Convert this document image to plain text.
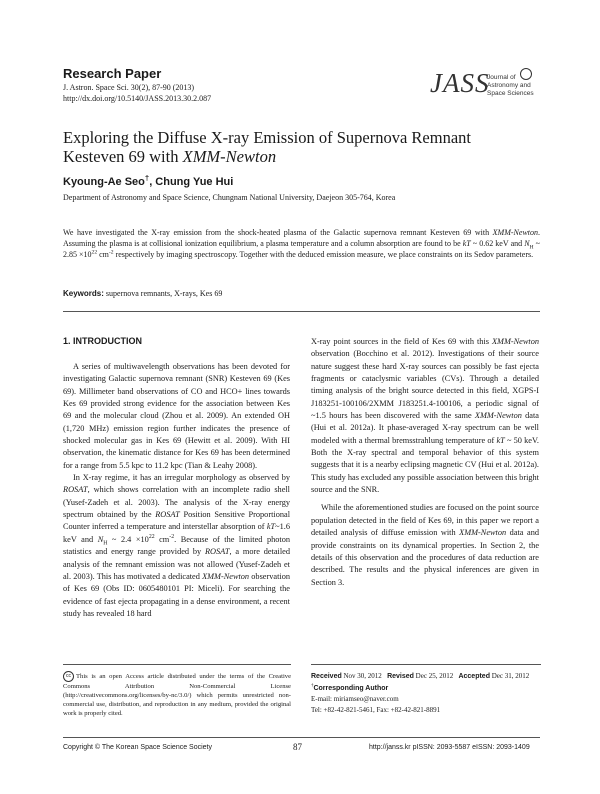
Research Paper
J. Astron. Space Sci. 30(2), 87-90 (2013)
http://dx.doi.org/10.5140/JASS.2013.30.2.087
JASS
Journal of
Astronomy and
Space Sciences
Exploring the Diffuse X-ray Emission of Supernova Remnant
Kesteven 69 with XMM-Newton
Kyoung-Ae Seo†, Chung Yue Hui
Department of Astronomy and Space Science, Chungnam National University, Daejeon 305-764, Korea
We have investigated the X-ray emission from the shock-heated plasma of the Galactic supernova remnant Kesteven 69 with XMM-Newton. Assuming the plasma is at collisional ionization equilibrium, a plasma temperature and a column absorption are found to be kT ~ 0.62 keV and $N_H$ ~ $2.85 \times 10^{22}$ $cm^{-2}$ respectively by imaging spectroscopy. Together with the deduced emission measure, we place constraints on its Sedov parameters.
Keywords: supernova remnants, X-rays, Kes 69
1. INTRODUCTION

A series of multiwavelength observations has been devoted for investigating Galactic supernova remnant (SNR) Kesteven 69 (Kes 69). Millimeter band observations of CO and HCO+ lines towards Kes 69 provided strong evidence for the association between Kes 69 and the molecular cloud (Zhou et al. 2009). An extended OH (1,720 MHz) emission region further indicates the presence of shocked molecular gas in Kes 69 (Hewitt et al. 2009). With HI observation, the kinematic distance for Kes 69 has been determined for a range from 5.5 kpc to 11.2 kpc (Tian & Leahy 2008).

In X-ray regime, it has an irregular morphology as observed by ROSAT, which shows correlation with an incomplete radio shell (Yusef-Zadeh et al. 2003). The analysis of the X-ray energy spectrum obtained by the ROSAT Position Sensitive Proportional Counter inferred a temperature and interstellar absorption of kT~1.6 keV and $N_H$ ~ $2.4 \times 10^{22}$ $cm^{-2}$. Because of the limited photon statistics and energy range provided by ROSAT, a more detailed analysis of the remnant emission was not allowed (Yusef-Zadeh et al. 2003). This has motivated a dedicated XMM-Newton observation of Kes 69 (Obs ID: 0605480101 PI: Miceli). For searching the evidence of fast ejecta propagating in a dense environment, a recent study has revealed 18 hard

X-ray point sources in the field of Kes 69 with this XMM-Newton observation (Bocchino et al. 2012). Investigations of their source nature suggest these hard X-ray sources can possibly be fast ejecta fragments or cataclysmic variables (CVs). Through a detailed timing analysis of the bright source detected in this field, XGPS-I J183251-100106/2XMM J183251.4-100106, a periodic signal of ~1.5 hours has been discovered with the same XMM-Newton data (Hui et al. 2012a). It phase-averaged X-ray spectrum can be well modeled with a thermal bremsstrahlung temperature of kT ~ 50 keV. Both the X-ray spectral and temporal behavior of this system suggests that it is a nearby eclipsing magnetic CV (Hui et al. 2012a). This study has excluded any possible association between this bright source and the SNR.

While the aforementioned studies are focused on the point source population detected in the field of Kes 69, in this paper we report a detailed analysis of diffuse emission with XMM-Newton data and provide constraints on its dynamical properties. In Section 2, the details of this observation and the procedures of data reduction are described. The results and the physical inferences are given in Section 3.

cc This is an open Access article distributed under the terms of the Creative Commons Attribution Non-Commercial License (http://creativecommons.org/licenses/by-nc/3.0/) which permits unrestricted non-commercial use, distribution, and reproduction in any medium, provided the original work is properly cited.
Received Nov 30, 2012 Revised Dec 25, 2012 Accepted Dec 31, 2012
†Corresponding Author
E-mail: miriamseo@naver.com
Tel: +82-42-821-5461, Fax: +82-42-821-8891
Copyright © The Korean Space Science Society	87	http://janss.kr pISSN: 2093-5587 eISSN: 2093-1409
